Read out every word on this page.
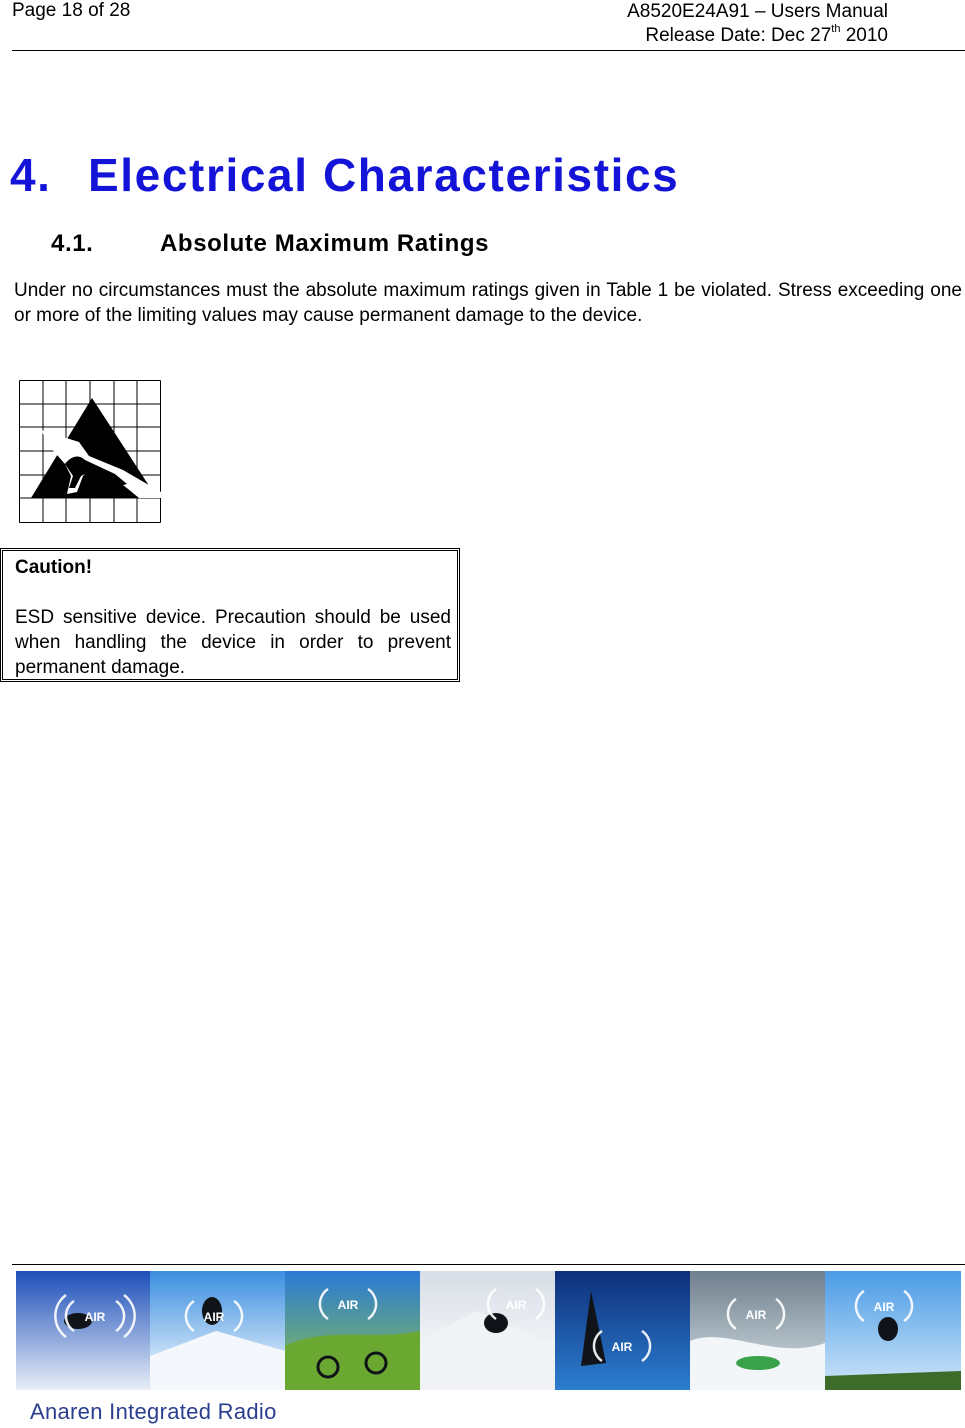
Page 18 of 28	A8520E24A91 – Users Manual
Release Date: Dec 27th 2010
4. Electrical Characteristics
4.1.	Absolute Maximum Ratings
Under no circumstances must the absolute maximum ratings given in Table 1 be violated. Stress exceeding one or more of the limiting values may cause permanent damage to the device.
Caution!
ESD sensitive device. Precaution should be used when handling the device in order to prevent permanent damage.
AIR	AIR
AIR	AIR
AIR
AIR
AIR
Anaren Integrated Radio
